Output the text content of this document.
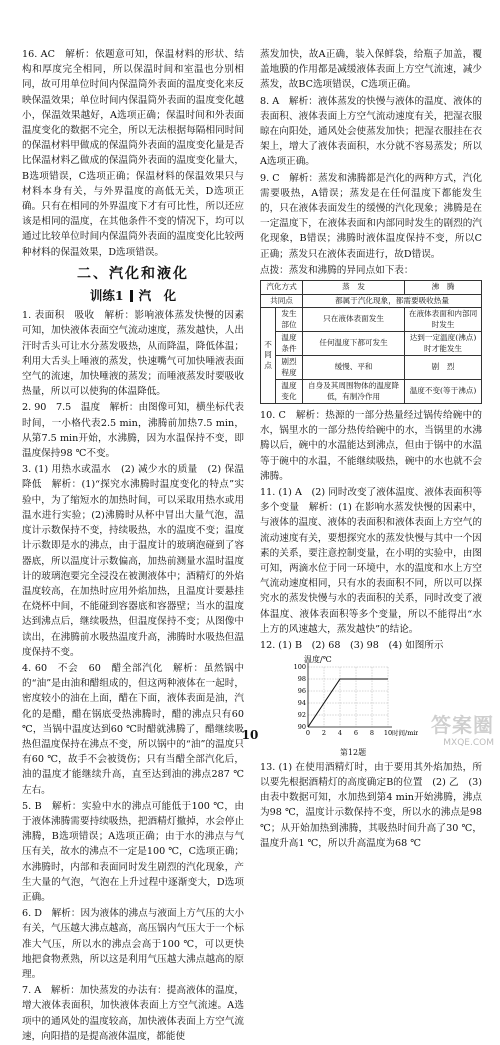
16. AC　解析：依题意可知，保温材料的形状、结构和厚度完全相同，所以保温时间和室温也分别相同，故可用单位时间内保温筒外表面的温度变化来反映保温效果；单位时间内保温筒外表面的温度变化越小，保温效果越好，A选项正确；保温时间和外表面温度变化的数据不完全，所以无法根据每隔相同时间的保温材料甲做成的保温筒外表面的温度变化量是否比保温材料乙做成的保温筒外表面的温度变化量大，B选项错误，C选项正确；保温材料的保温效果只与材料本身有关，与外界温度的高低无关，D选项正确。只有在相同的外界温度下才有可比性，所以还应该是相同的温度，在其他条件不变的情况下，均可以通过比较单位时间内保温筒外表面的温度变化比较两种材料的保温效果，D选项错误。

二、汽化和液化
训练1 汽　化

1. 表面积　吸收　解析：影响液体蒸发快慢的因素可知，加快液体表面空气流动速度，蒸发越快，人出汗时舌头可让水分蒸发吸热，从而降温，降低体温；利用大舌头上唾液的蒸发，快速嘴气可加快唾液表面空气的流速，加快唾液的蒸发；而唾液蒸发时要吸收热量，所以可以使狗的体温降低。

2. 90　7.5　温度　解析：由图像可知，横坐标代表时间，一小格代表2.5 min，沸腾前加热7.5 min，从第7.5 min开始，水沸腾，因为水温保持不变，即温度保持98 ℃不变。

3. (1) 用热水或温水　(2) 减少水的质量　(2) 保温　降低　解析：(1)“探究水沸腾时温度变化的特点”实验中，为了缩短水的加热时间，可以采取用热水或用温水进行实验；(2)沸腾时从杯中冒出大量气泡，温度计示数保持不变，持续吸热，水的温度不变；温度计示数即是水的沸点，由于温度计的玻璃泡碰到了容器底，所以温度计示数偏高，加热前测量水温时温度计的玻璃泡要完全浸没在被测液体中；酒精灯的外焰温度较高，在加热时应用外焰加热，且温度计要悬挂在烧杯中间，不能碰到容器底和容器壁；当水的温度达到沸点后，继续吸热，但温度保持不变；从图像中读出，在沸腾前水吸热温度升高，沸腾时水吸热但温度保持不变。

4. 60　不会　60　醋全部汽化　解析：虽然锅中的“油”是由油和醋组成的，但这两种液体在一起时，密度较小的油在上面，醋在下面，液体表面是油，汽化的是醋，醋在锅底受热沸腾时，醋的沸点只有60 ℃，当锅中温度达到60 ℃时醋就沸腾了，醋继续吸热但温度保持在沸点不变，所以锅中的“油”的温度只有60 ℃，故手不会被烫伤；只有当醋全部汽化后，油的温度才能继续升高，直至达到油的沸点287 ℃左右。

5. B　解析：实验中水的沸点可能低于100 ℃，由于液体沸腾需要持续吸热，把酒精灯撤掉，水会停止沸腾，B选项错误；A选项正确；由于水的沸点与气压有关，故水的沸点不一定是100 ℃，C选项正确；水沸腾时，内部和表面同时发生剧烈的汽化现象，产生大量的气泡，气泡在上升过程中逐渐变大，D选项正确。

6. D　解析：因为液体的沸点与液面上方气压的大小有关，气压越大沸点越高，高压锅内气压大于一个标准大气压，所以水的沸点会高于100 ℃，可以更快地把食物煮熟，所以这是利用气压越大沸点越高的原理。

7. A　解析：加快蒸发的办法有：提高液体的温度，增大液体表面积，加快液体表面上方空气流速。A选项中的通风处的温度较高，加快液体表面上方空气流速，向阳措的是提高液体温度，都能使

蒸发加快，故A正确，装入保鲜袋，给瓶子加盖，覆盖地膜的作用都是减缓液体表面上方空气流速，减少蒸发，故BC选项错误，C选项正确。

8. A　解析：液体蒸发的快慢与液体的温度、液体的表面积、液体表面上方空气流动速度有关，把湿衣服晾在向阳处，通风处会使蒸发加快；把湿衣服挂在衣架上，增大了液体表面积，水分就不容易蒸发；所以A选项正确。

9. C　解析：蒸发和沸腾都是汽化的两种方式，汽化需要吸热，A错误；蒸发是在任何温度下都能发生的，只在液体表面发生的缓慢的汽化现象；沸腾是在一定温度下，在液体表面和内部同时发生的剧烈的汽化现象，B错误；沸腾时液体温度保持不变，所以C正确；蒸发只在液体表面进行，故D错误。

点拨：蒸发和沸腾的异同点如下表：

汽化方式		蒸　发	沸　腾
共同点		都属于汽化现象，都需要吸收热量	
不同点	发生部位	只在液体表面发生	在液体表面和内部同时发生
	温度条件	任何温度下都可发生	达到一定温度(沸点)时才能发生
	剧烈程度	缓慢、平和	剧　烈
	温度变化	自身及其周围物体的温度降低，有制冷作用	温度不变(等于沸点)

10. C　解析：热源的一部分热量经过锅传给碗中的水，锅里水的一部分热传给碗中的水，当锅里的水沸腾以后，碗中的水温能达到沸点，但由于锅中的水温等于碗中的水温，不能继续吸热，碗中的水也就不会沸腾。

11. (1) A　(2) 同时改变了液体温度、液体表面积等多个变量　解析：(1) 在影响水蒸发快慢的因素中，与液体的温度、液体的表面积和液体表面上方空气的流动速度有关，要想探究水的蒸发快慢与其中一个因素的关系，要注意控制变量，在小明的实验中，由图可知，两滴水位于同一环境中，水的温度和水上方空气流动速度相同，只有水的表面积不同，所以可以探究水的蒸发快慢与水的表面积的关系，同时改变了液体温度、液体表面积等多个变量，所以不能得出“水上方的风速越大，蒸发越快”的结论。

12. (1) B　(2) 68　(3) 98　(4) 如图所示
温度/℃
100
98
96
94
92
90
0 2 4 6 8 10 时间/min
第12题

13. (1) 在使用酒精灯时，由于要用其外焰加热，所以要先根据酒精灯的高度确定B的位置　(2) 乙　(3) 由表中数据可知，水加热到第4 min开始沸腾，沸点为98 ℃，温度计示数保持不变，所以水的沸点是98 ℃；从开始加热到沸腾，其吸热时间升高了30 ℃，温度升高1 ℃，所以升高温度为68 ℃

10	答案圈
MXQE.COM
